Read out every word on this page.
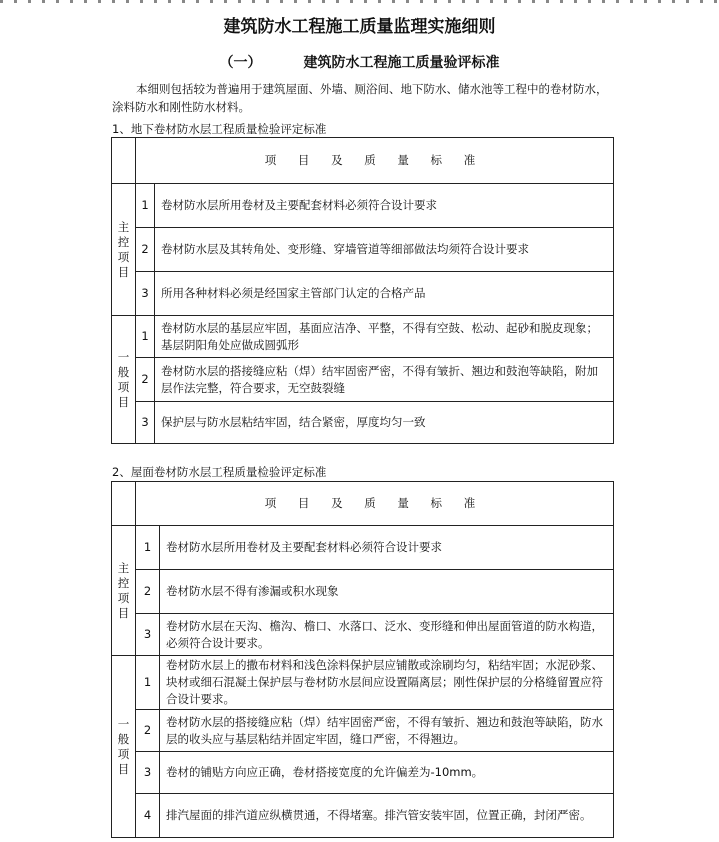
建筑防水工程施工质量监理实施细则
（一）	建筑防水工程施工质量验评标准
本细则包括较为普遍用于建筑屋面、外墙、厕浴间、地下防水、储水池等工程中的卷材防水，涂料防水和刚性防水材料。
1、地下卷材防水层工程质量检验评定标准
	项 目 及 质 量 标 准	

主
控
项
目	1	卷材防水层所用卷材及主要配套材料必须符合设计要求
	2	卷材防水层及其转角处、变形缝、穿墙管道等细部做法均须符合设计要求
	3	所用各种材料必须是经国家主管部门认定的合格产品

一
般
项
目	1	卷材防水层的基层应牢固，基面应洁净、平整，不得有空鼓、松动、起砂和脱皮现象；基层阴阳角处应做成圆弧形
	2	卷材防水层的搭接缝应粘（焊）结牢固密严密，不得有皱折、翘边和鼓泡等缺陷，附加层作法完整，符合要求，无空鼓裂缝
	3	保护层与防水层粘结牢固，结合紧密，厚度均匀一致
2、屋面卷材防水层工程质量检验评定标准
	项 目 及 质 量 标 准	

主
控
项
目	1	卷材防水层所用卷材及主要配套材料必须符合设计要求
	2	卷材防水层不得有渗漏或积水现象
	3	卷材防水层在天沟、檐沟、檐口、水落口、泛水、变形缝和伸出屋面管道的防水构造，必须符合设计要求。

一
般
项
目	1	卷材防水层上的撒布材料和浅色涂料保护层应铺散或涂刷均匀，粘结牢固；水泥砂浆、块材或细石混凝土保护层与卷材防水层间应设置隔离层；刚性保护层的分格缝留置应符合设计要求。
	2	卷材防水层的搭接缝应粘（焊）结牢固密严密，不得有皱折、翘边和鼓泡等缺陷，防水层的收头应与基层粘结并固定牢固，缝口严密，不得翘边。
	3	卷材的铺贴方向应正确，卷材搭接宽度的允许偏差为-10mm。
	4	排汽屋面的排汽道应纵横贯通，不得堵塞。排汽管安装牢固，位置正确，封闭严密。
